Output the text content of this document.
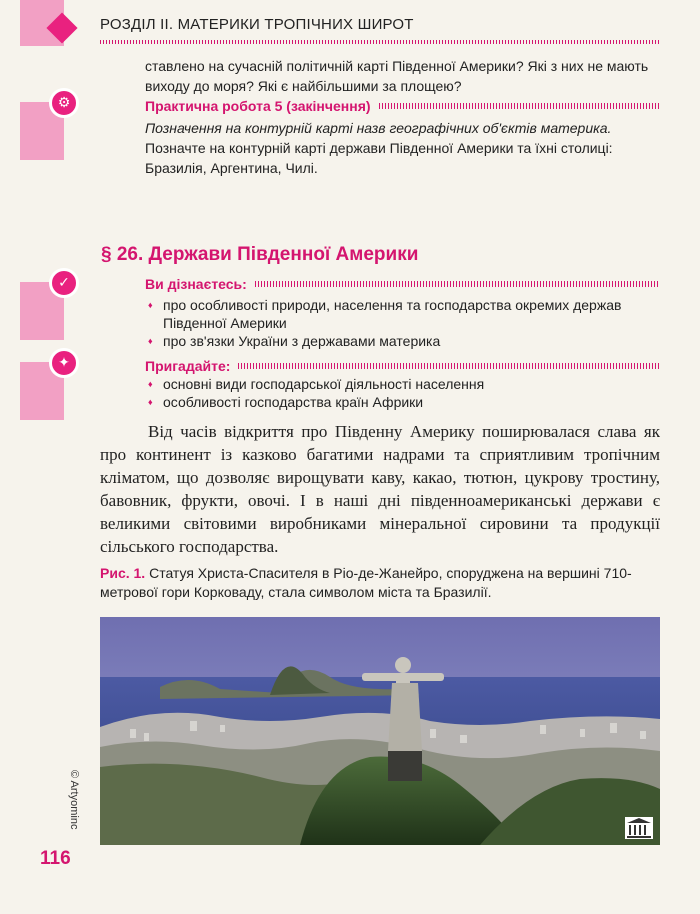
⚙
✓
✦
РОЗДІЛ ІІ. МАТЕРИКИ ТРОПІЧНИХ ШИРОТ
ставлено на сучасній політичній карті Південної Америки? Які з них не мають виходу до моря? Які є найбільшими за площею?
Практична робота 5 (закінчення)
Позначення на контурній карті назв географічних об'єктів материка.
Позначте на контурній карті держави Південної Америки та їхні столиці: Бразилія, Аргентина, Чилі.
§ 26. Держави Південної Америки
Ви дізнаєтесь:
♦ про особливості природи, населення та господарства окремих держав Південної Америки
♦ про зв'язки України з державами материка
Пригадайте:
♦ основні види господарської діяльності населення
♦ особливості господарства країн Африки
Від часів відкриття про Південну Америку поширювалася слава як про континент із казково багатими надрами та сприятливим тропічним кліматом, що дозволяє вирощувати каву, какао, тютюн, цукрову тростину, бавовник, фрукти, овочі. І в наші дні південноамериканські держави є великими світовими виробниками мінеральної сировини та продукції сільського господарства.
Рис. 1. Статуя Христа-Спасителя в Ріо-де-Жанейро, споруджена на вершині 710-метрової гори Корковаду, стала символом міста та Бразилії.
© Artyominc
116
